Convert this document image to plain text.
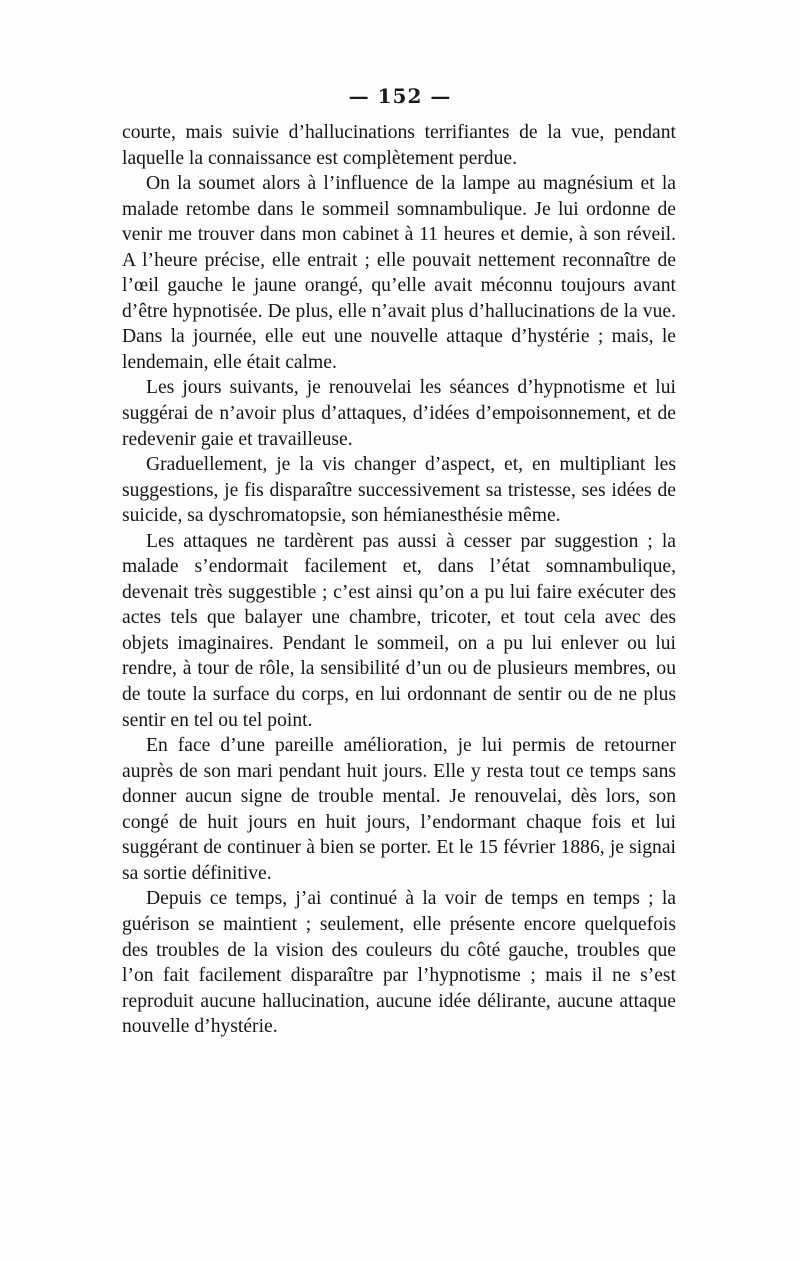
— 152 —

courte, mais suivie d’hallucinations terrifiantes de la vue, pendant laquelle la connaissance est complètement perdue.

On la soumet alors à l’influence de la lampe au magnésium et la malade retombe dans le sommeil somnambulique. Je lui ordonne de venir me trouver dans mon cabinet à 11 heures et demie, à son réveil. A l’heure précise, elle entrait ; elle pouvait nettement reconnaître de l’œil gauche le jaune orangé, qu’elle avait méconnu toujours avant d’être hypnotisée. De plus, elle n’avait plus d’hallucinations de la vue. Dans la journée, elle eut une nouvelle attaque d’hystérie ; mais, le lendemain, elle était calme.

Les jours suivants, je renouvelai les séances d’hypnotisme et lui suggérai de n’avoir plus d’attaques, d’idées d’empoisonnement, et de redevenir gaie et travailleuse.

Graduellement, je la vis changer d’aspect, et, en multipliant les suggestions, je fis disparaître successivement sa tristesse, ses idées de suicide, sa dyschromatopsie, son hémianesthésie même.

Les attaques ne tardèrent pas aussi à cesser par suggestion ; la malade s’endormait facilement et, dans l’état somnambulique, devenait très suggestible ; c’est ainsi qu’on a pu lui faire exécuter des actes tels que balayer une chambre, tricoter, et tout cela avec des objets imaginaires. Pendant le sommeil, on a pu lui enlever ou lui rendre, à tour de rôle, la sensibilité d’un ou de plusieurs membres, ou de toute la surface du corps, en lui ordonnant de sentir ou de ne plus sentir en tel ou tel point.

En face d’une pareille amélioration, je lui permis de retourner auprès de son mari pendant huit jours. Elle y resta tout ce temps sans donner aucun signe de trouble mental. Je renouvelai, dès lors, son congé de huit jours en huit jours, l’endormant chaque fois et lui suggérant de continuer à bien se porter. Et le 15 février 1886, je signai sa sortie définitive.

Depuis ce temps, j’ai continué à la voir de temps en temps ; la guérison se maintient ; seulement, elle présente encore quelquefois des troubles de la vision des couleurs du côté gauche, troubles que l’on fait facilement disparaître par l’hypnotisme ; mais il ne s’est reproduit aucune hallucination, aucune idée délirante, aucune attaque nouvelle d’hystérie.
